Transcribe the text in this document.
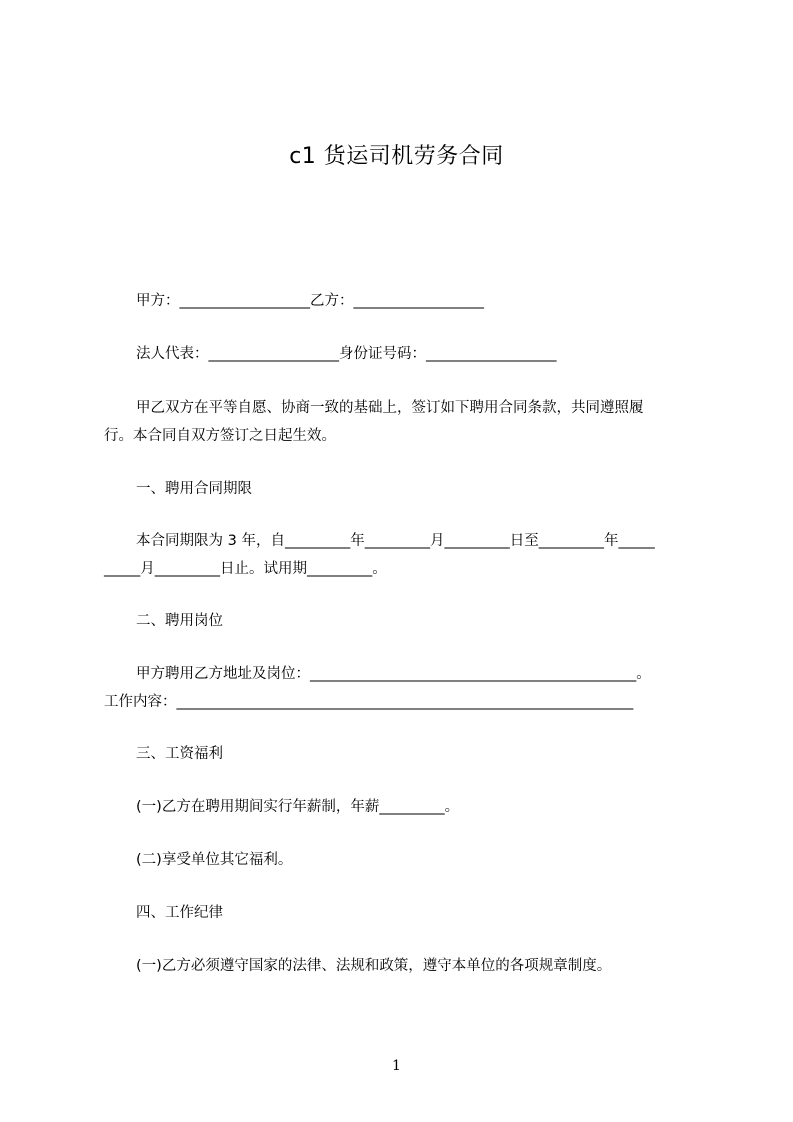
c1 货运司机劳务合同
甲方：__________________乙方：__________________
法人代表：__________________身份证号码：__________________
甲乙双方在平等自愿、协商一致的基础上，签订如下聘用合同条款，共同遵照履
行。本合同自双方签订之日起生效。
一、聘用合同期限
本合同期限为 3 年，自_________年_________月_________日至_________年_____
_____月_________日止。试用期_________。
二、聘用岗位
甲方聘用乙方地址及岗位：_____________________________________________。
工作内容：_______________________________________________________________
三、工资福利
(一)乙方在聘用期间实行年薪制，年薪_________。
(二)享受单位其它福利。
四、工作纪律
(一)乙方必须遵守国家的法律、法规和政策，遵守本单位的各项规章制度。
1
